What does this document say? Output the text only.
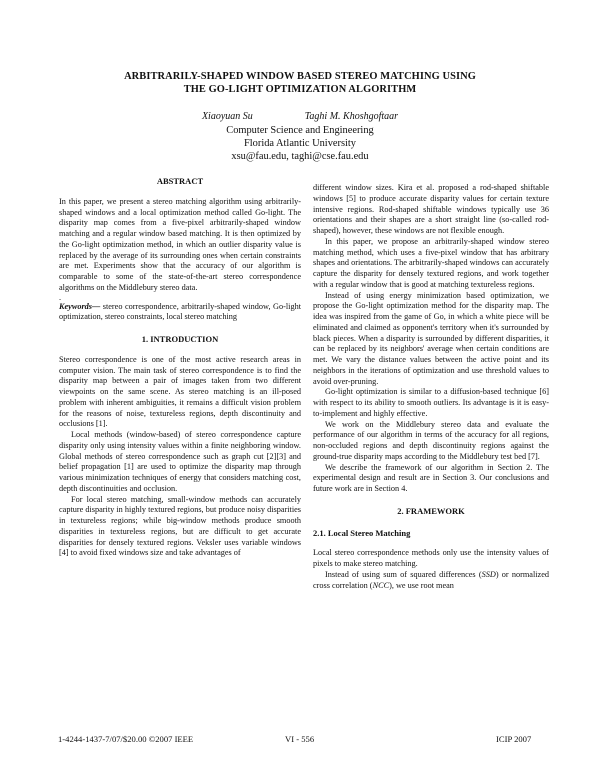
ARBITRARILY-SHAPED WINDOW BASED STEREO MATCHING USING
THE GO-LIGHT OPTIMIZATION ALGORITHM
Xiaoyuan Su	Taghi M. Khoshgoftaar
Computer Science and Engineering
Florida Atlantic University
xsu@fau.edu, taghi@cse.fau.edu
ABSTRACT

In this paper, we present a stereo matching algorithm using arbitrarily-shaped windows and a local optimization method called Go-light. The disparity map comes from a five-pixel arbitrarily-shaped window matching and a regular window based matching. It is then optimized by the Go-light optimization method, in which an outlier disparity value is replaced by the average of its surrounding ones when certain constraints are met. Experiments show that the accuracy of our algorithm is comparable to some of the state-of-the-art stereo correspondence algorithms on the Middlebury stereo data.

.

Keywords— stereo correspondence, arbitrarily-shaped window, Go-light optimization, stereo constraints, local stereo matching

1. INTRODUCTION

Stereo correspondence is one of the most active research areas in computer vision. The main task of stereo correspondence is to find the disparity map between a pair of images taken from two different viewpoints on the same scene. As stereo matching is an ill-posed problem with inherent ambiguities, it remains a difficult vision problem for the reasons of noise, textureless regions, depth discontinuity and occlusions [1].

Local methods (window-based) of stereo correspondence capture disparity only using intensity values within a finite neighboring window. Global methods of stereo correspondence such as graph cut [2][3] and belief propagation [1] are used to optimize the disparity map through various minimization techniques of energy that considers matching cost, depth discontinuities and occlusion.

For local stereo matching, small-window methods can accurately capture disparity in highly textured regions, but produce noisy disparities in textureless regions; while big-window methods produce smooth disparities in textureless regions, but are difficult to get accurate disparities for densely textured regions. Veksler uses variable windows [4] to avoid fixed windows size and take advantages of

different window sizes. Kira et al. proposed a rod-shaped shiftable windows [5] to produce accurate disparity values for certain texture intensive regions. Rod-shaped shiftable windows typically use 36 orientations and their shapes are a short straight line (so-called rod-shaped), however, these windows are not flexible enough.

In this paper, we propose an arbitrarily-shaped window stereo matching method, which uses a five-pixel window that has arbitrary shapes and orientations. The arbitrarily-shaped windows can accurately capture the disparity for densely textured regions, and work together with a regular window that is good at matching textureless regions.

Instead of using energy minimization based optimization, we propose the Go-light optimization method for the disparity map. The idea was inspired from the game of Go, in which a white piece will be eliminated and claimed as opponent's territory when it's surrounded by black pieces. When a disparity is surrounded by different disparities, it can be replaced by its neighbors' average when certain conditions are met. We vary the distance values between the active point and its neighbors in the iterations of optimization and use threshold values to avoid over-pruning.

Go-light optimization is similar to a diffusion-based technique [6] with respect to its ability to smooth outliers. Its advantage is it is easy-to-implement and highly effective.

We work on the Middlebury stereo data and evaluate the performance of our algorithm in terms of the accuracy for all regions, non-occluded regions and depth discontinuity regions against the ground-true disparity maps according to the Middlebury test bed [7].

We describe the framework of our algorithm in Section 2. The experimental design and result are in Section 3. Our conclusions and future work are in Section 4.

2. FRAMEWORK
2.1. Local Stereo Matching

Local stereo correspondence methods only use the intensity values of pixels to make stereo matching.

Instead of using sum of squared differences (SSD) or normalized cross correlation (NCC), we use root mean

1-4244-1437-7/07/$20.00 ©2007 IEEE	VI - 556	ICIP 2007
